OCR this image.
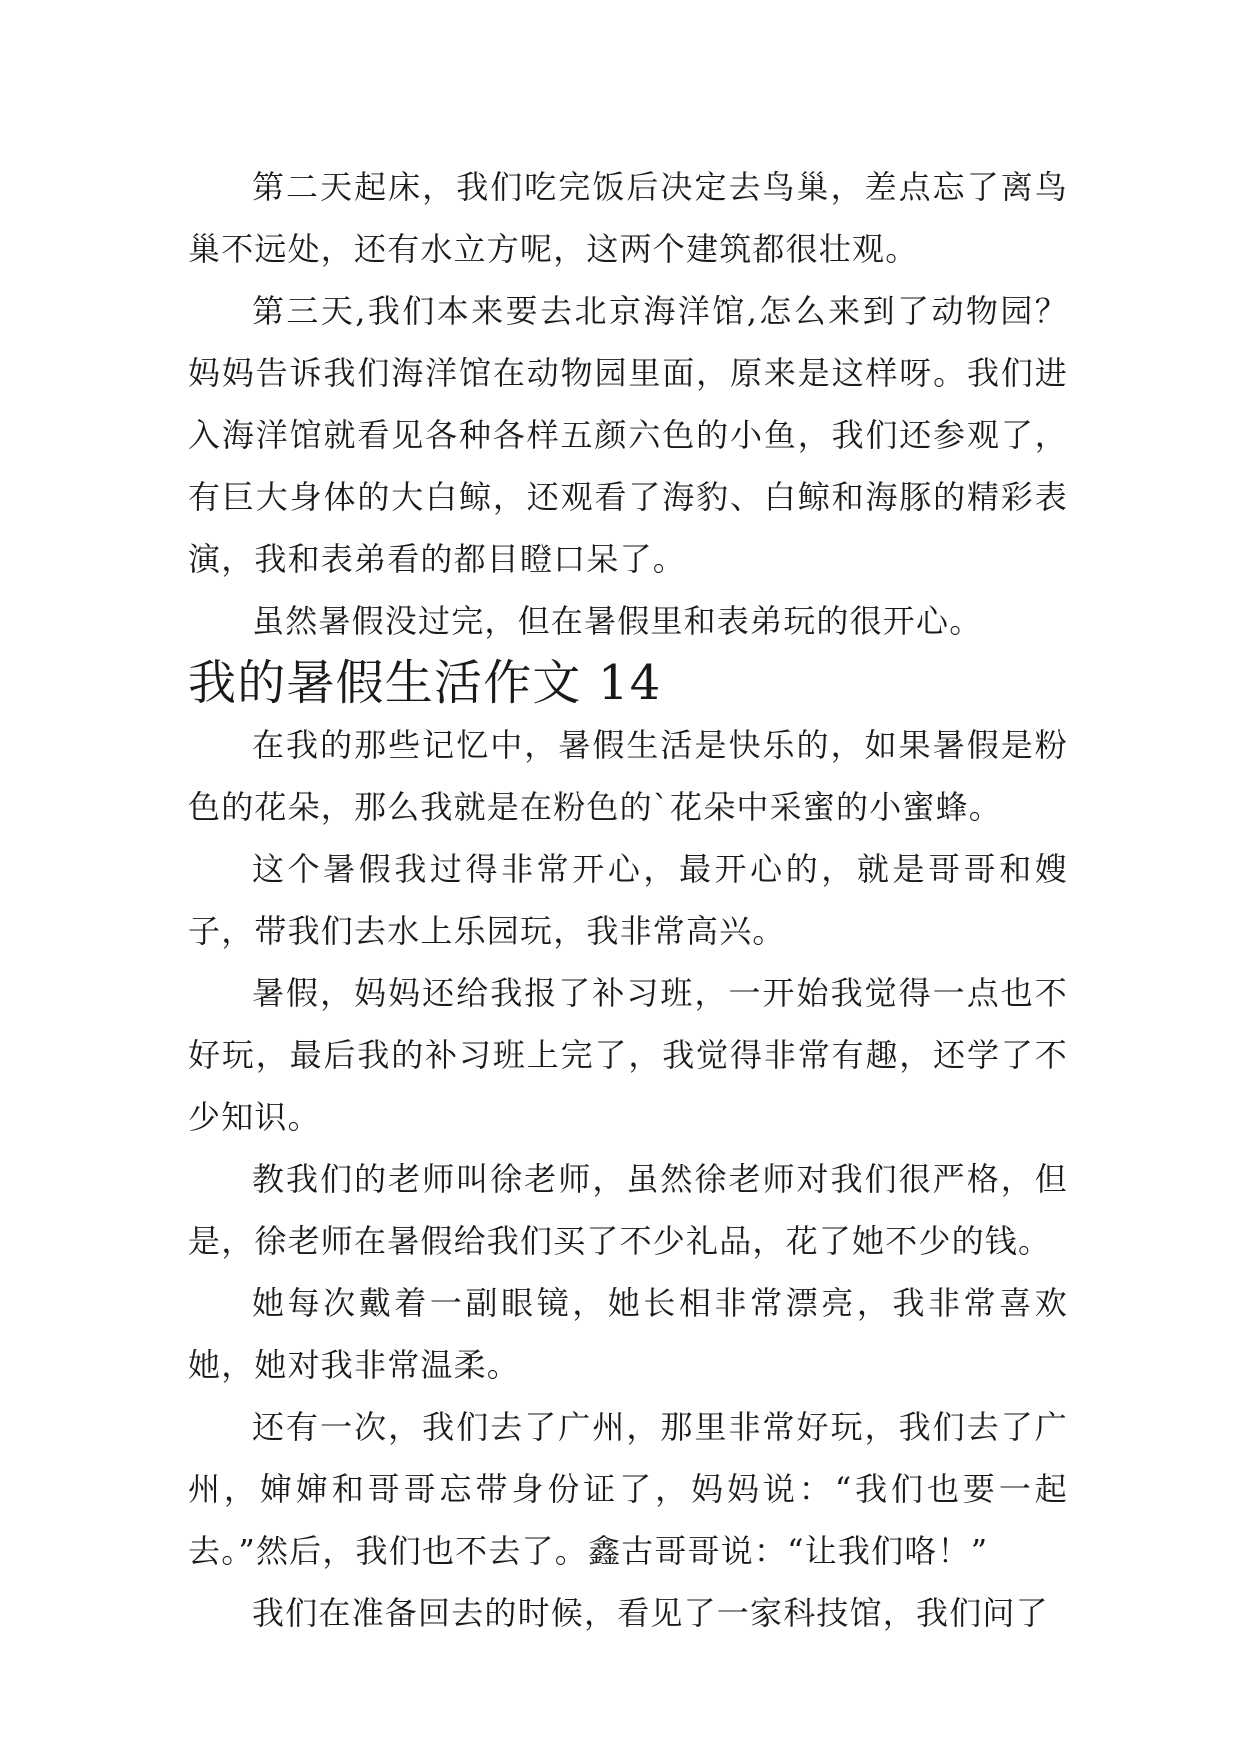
第二天起床，我们吃完饭后决定去鸟巢，差点忘了离鸟巢不远处，还有水立方呢，这两个建筑都很壮观。

第三天,我们本来要去北京海洋馆,怎么来到了动物园？妈妈告诉我们海洋馆在动物园里面，原来是这样呀。我们进入海洋馆就看见各种各样五颜六色的小鱼，我们还参观了，有巨大身体的大白鲸，还观看了海豹、白鲸和海豚的精彩表演，我和表弟看的都目瞪口呆了。

虽然暑假没过完，但在暑假里和表弟玩的很开心。

我的暑假生活作文 14

在我的那些记忆中，暑假生活是快乐的，如果暑假是粉色的花朵，那么我就是在粉色的`花朵中采蜜的小蜜蜂。

这个暑假我过得非常开心，最开心的，就是哥哥和嫂子，带我们去水上乐园玩，我非常高兴。

暑假，妈妈还给我报了补习班，一开始我觉得一点也不好玩，最后我的补习班上完了，我觉得非常有趣，还学了不少知识。

教我们的老师叫徐老师，虽然徐老师对我们很严格，但是，徐老师在暑假给我们买了不少礼品，花了她不少的钱。

她每次戴着一副眼镜，她长相非常漂亮，我非常喜欢她，她对我非常温柔。

还有一次，我们去了广州，那里非常好玩，我们去了广州，婶婶和哥哥忘带身份证了，妈妈说：“我们也要一起去。”然后，我们也不去了。鑫古哥哥说：“让我们咯！”

我们在准备回去的时候，看见了一家科技馆，我们问了
